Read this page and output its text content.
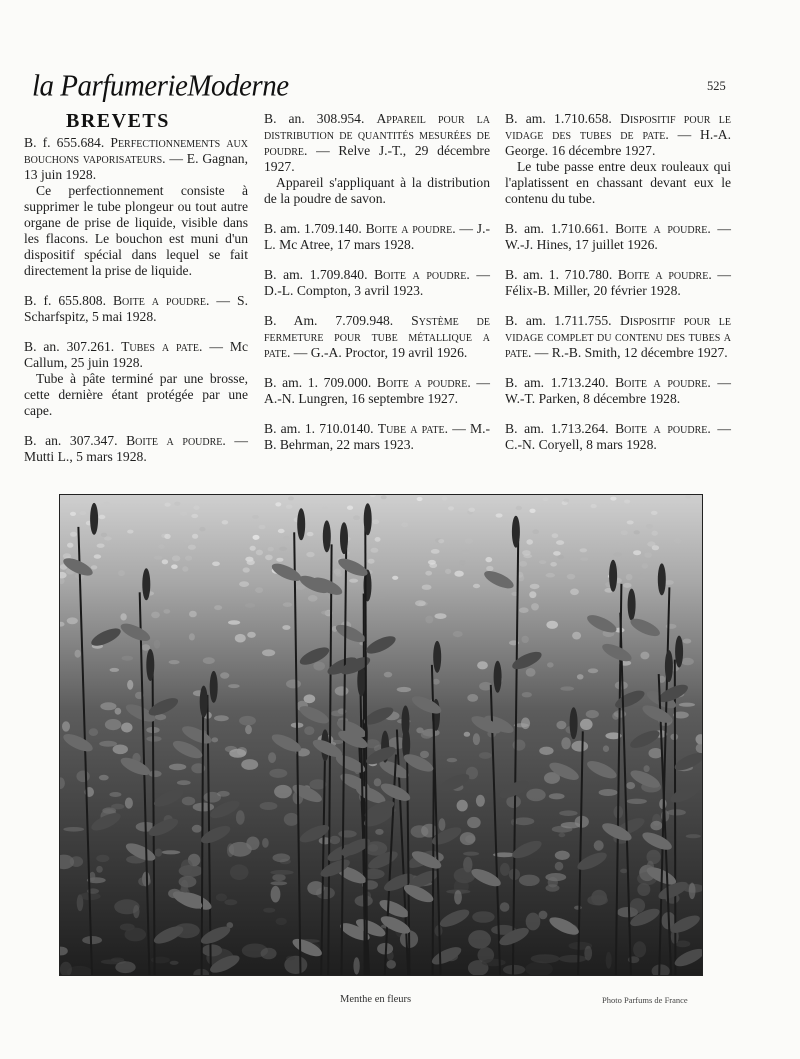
la ParfumerieModerne	525
BREVETS
B. f. 655.684. Perfectionnements aux bouchons vaporisateurs. — E. Gagnan, 13 juin 1928.
Ce perfectionnement consiste à supprimer le tube plongeur ou tout autre organe de prise de liquide, visible dans les flacons. Le bouchon est muni d'un dispositif spécial dans lequel se fait directement la prise de liquide.
B. f. 655.808. Boite a poudre. — S. Scharfspitz, 5 mai 1928.
B. an. 307.261. Tubes a pate. — Mc Callum, 25 juin 1928.
Tube à pâte terminé par une brosse, cette dernière étant protégée par une cape.
B. an. 307.347. Boite a poudre. — Mutti L., 5 mars 1928.
B. an. 308.954. Appareil pour la distribution de quantités mesurées de poudre. — Relve J.-T., 29 décembre 1927.
Appareil s'appliquant à la distribution de la poudre de savon.
B. am. 1.709.140. Boite a poudre. — J.-L. Mc Atree, 17 mars 1928.
B. am. 1.709.840. Boite a poudre. — D.-L. Compton, 3 avril 1923.
B. Am. 7.709.948. Système de fermeture pour tube métallique a pate. — G.-A. Proctor, 19 avril 1926.
B. am. 1. 709.000. Boite a poudre. — A.-N. Lungren, 16 septembre 1927.
B. am. 1. 710.0140. Tube a pate. — M.-B. Behrman, 22 mars 1923.
B. am. 1.710.658. Dispositif pour le vidage des tubes de pate. — H.-A. George. 16 décembre 1927.
Le tube passe entre deux rouleaux qui l'aplatissent en chassant devant eux le contenu du tube.
B. am. 1.710.661. Boite a poudre. — W.-J. Hines, 17 juillet 1926.
B. am. 1. 710.780. Boite a poudre. — Félix-B. Miller, 20 février 1928.
B. am. 1.711.755. Dispositif pour le vidage complet du contenu des tubes a pate. — R.-B. Smith, 12 décembre 1927.
B. am. 1.713.240. Boite a poudre. — W.-T. Parken, 8 décembre 1928.
B. am. 1.713.264. Boite a poudre. — C.-N. Coryell, 8 mars 1928.
Menthe en fleurs	Photo Parfums de France
